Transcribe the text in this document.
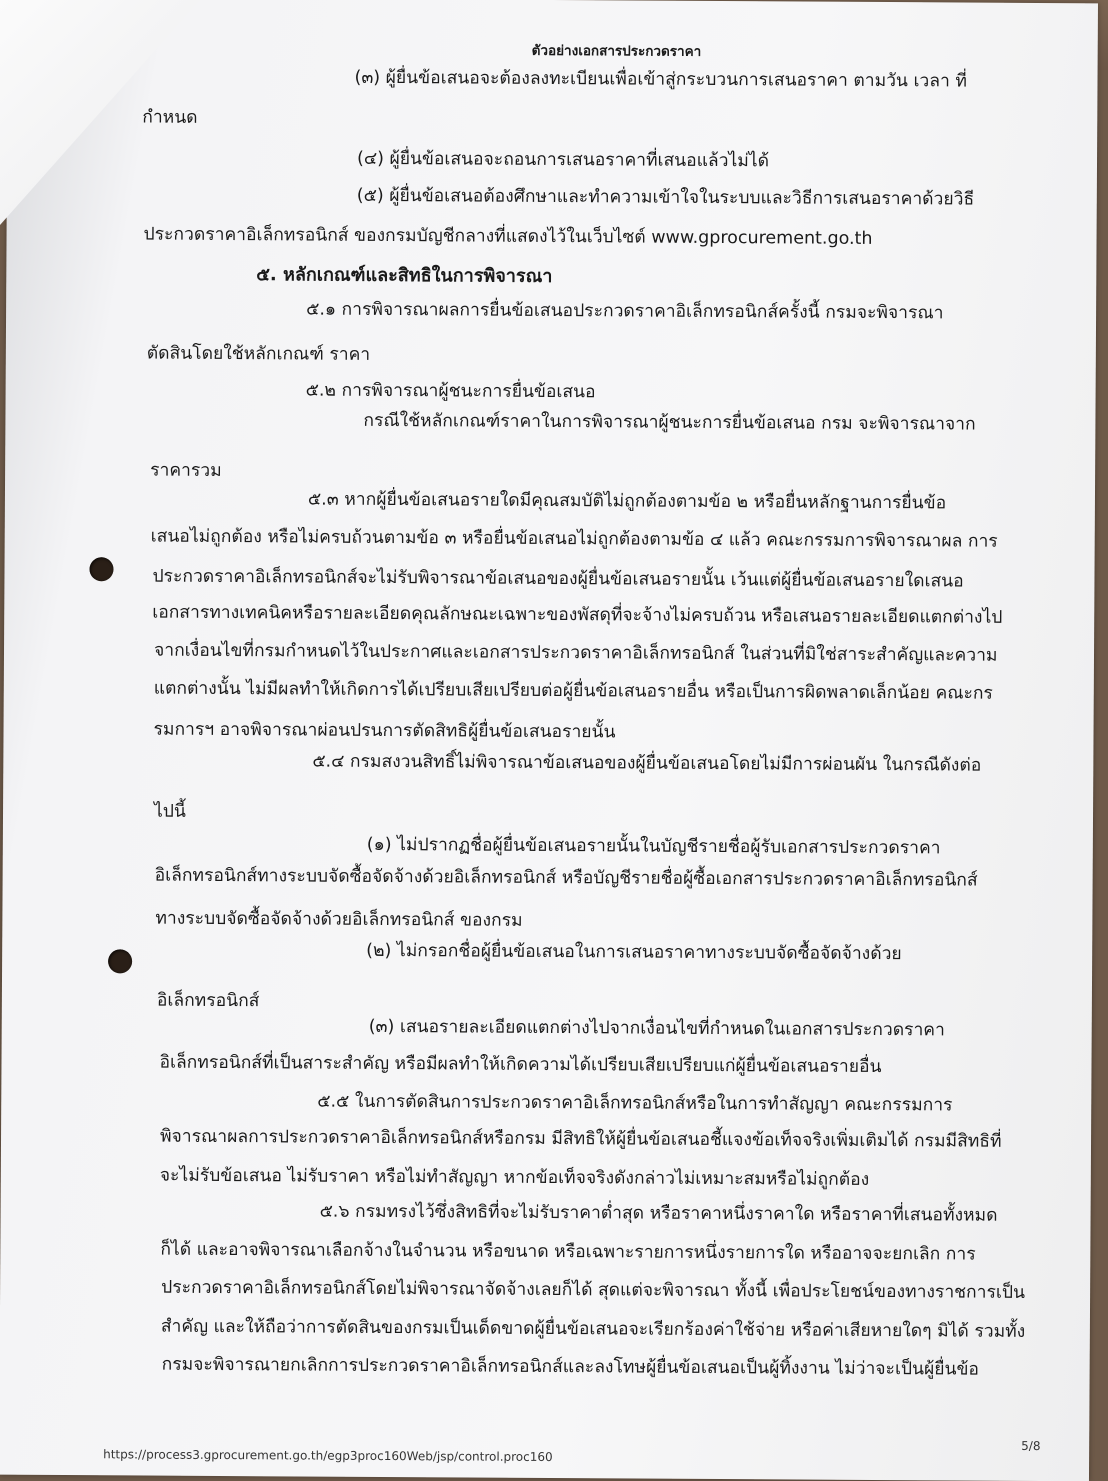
ตัวอย่างเอกสารประกวดราคา
(๓) ผู้ยื่นข้อเสนอจะต้องลงทะเบียนเพื่อเข้าสู่กระบวนการเสนอราคา ตามวัน เวลา ที่
กำหนด
(๔) ผู้ยื่นข้อเสนอจะถอนการเสนอราคาที่เสนอแล้วไม่ได้
(๕) ผู้ยื่นข้อเสนอต้องศึกษาและทำความเข้าใจในระบบและวิธีการเสนอราคาด้วยวิธี
ประกวดราคาอิเล็กทรอนิกส์ ของกรมบัญชีกลางที่แสดงไว้ในเว็บไซต์ www.gprocurement.go.th
๕. หลักเกณฑ์และสิทธิในการพิจารณา
๕.๑ การพิจารณาผลการยื่นข้อเสนอประกวดราคาอิเล็กทรอนิกส์ครั้งนี้ กรมจะพิจารณา
ตัดสินโดยใช้หลักเกณฑ์ ราคา
๕.๒ การพิจารณาผู้ชนะการยื่นข้อเสนอ
กรณีใช้หลักเกณฑ์ราคาในการพิจารณาผู้ชนะการยื่นข้อเสนอ กรม จะพิจารณาจาก
ราคารวม
๕.๓ หากผู้ยื่นข้อเสนอรายใดมีคุณสมบัติไม่ถูกต้องตามข้อ ๒ หรือยื่นหลักฐานการยื่นข้อ
เสนอไม่ถูกต้อง หรือไม่ครบถ้วนตามข้อ ๓ หรือยื่นข้อเสนอไม่ถูกต้องตามข้อ ๔ แล้ว คณะกรรมการพิจารณาผล การ
ประกวดราคาอิเล็กทรอนิกส์จะไม่รับพิจารณาข้อเสนอของผู้ยื่นข้อเสนอรายนั้น เว้นแต่ผู้ยื่นข้อเสนอรายใดเสนอ
เอกสารทางเทคนิคหรือรายละเอียดคุณลักษณะเฉพาะของพัสดุที่จะจ้างไม่ครบถ้วน หรือเสนอรายละเอียดแตกต่างไป
จากเงื่อนไขที่กรมกำหนดไว้ในประกาศและเอกสารประกวดราคาอิเล็กทรอนิกส์ ในส่วนที่มิใช่สาระสำคัญและความ
แตกต่างนั้น ไม่มีผลทำให้เกิดการได้เปรียบเสียเปรียบต่อผู้ยื่นข้อเสนอรายอื่น หรือเป็นการผิดพลาดเล็กน้อย คณะกร
รมการฯ อาจพิจารณาผ่อนปรนการตัดสิทธิผู้ยื่นข้อเสนอรายนั้น
๕.๔ กรมสงวนสิทธิ์ไม่พิจารณาข้อเสนอของผู้ยื่นข้อเสนอโดยไม่มีการผ่อนผัน ในกรณีดังต่อ
ไปนี้
(๑) ไม่ปรากฏชื่อผู้ยื่นข้อเสนอรายนั้นในบัญชีรายชื่อผู้รับเอกสารประกวดราคา
อิเล็กทรอนิกส์ทางระบบจัดซื้อจัดจ้างด้วยอิเล็กทรอนิกส์ หรือบัญชีรายชื่อผู้ซื้อเอกสารประกวดราคาอิเล็กทรอนิกส์
ทางระบบจัดซื้อจัดจ้างด้วยอิเล็กทรอนิกส์ ของกรม
(๒) ไม่กรอกชื่อผู้ยื่นข้อเสนอในการเสนอราคาทางระบบจัดซื้อจัดจ้างด้วย
อิเล็กทรอนิกส์
(๓) เสนอรายละเอียดแตกต่างไปจากเงื่อนไขที่กำหนดในเอกสารประกวดราคา
อิเล็กทรอนิกส์ที่เป็นสาระสำคัญ หรือมีผลทำให้เกิดความได้เปรียบเสียเปรียบแก่ผู้ยื่นข้อเสนอรายอื่น
๕.๕ ในการตัดสินการประกวดราคาอิเล็กทรอนิกส์หรือในการทำสัญญา คณะกรรมการ
พิจารณาผลการประกวดราคาอิเล็กทรอนิกส์หรือกรม มีสิทธิให้ผู้ยื่นข้อเสนอชี้แจงข้อเท็จจริงเพิ่มเติมได้ กรมมีสิทธิที่
จะไม่รับข้อเสนอ ไม่รับราคา หรือไม่ทำสัญญา หากข้อเท็จจริงดังกล่าวไม่เหมาะสมหรือไม่ถูกต้อง
๕.๖ กรมทรงไว้ซึ่งสิทธิที่จะไม่รับราคาต่ำสุด หรือราคาหนึ่งราคาใด หรือราคาที่เสนอทั้งหมด
ก็ได้ และอาจพิจารณาเลือกจ้างในจำนวน หรือขนาด หรือเฉพาะรายการหนึ่งรายการใด หรืออาจจะยกเลิก การ
ประกวดราคาอิเล็กทรอนิกส์โดยไม่พิจารณาจัดจ้างเลยก็ได้ สุดแต่จะพิจารณา ทั้งนี้ เพื่อประโยชน์ของทางราชการเป็น
สำคัญ และให้ถือว่าการตัดสินของกรมเป็นเด็ดขาดผู้ยื่นข้อเสนอจะเรียกร้องค่าใช้จ่าย หรือค่าเสียหายใดๆ มิได้ รวมทั้ง
กรมจะพิจารณายกเลิกการประกวดราคาอิเล็กทรอนิกส์และลงโทษผู้ยื่นข้อเสนอเป็นผู้ทิ้งงาน ไม่ว่าจะเป็นผู้ยื่นข้อ
https://process3.gprocurement.go.th/egp3proc160Web/jsp/control.proc160
5/8
